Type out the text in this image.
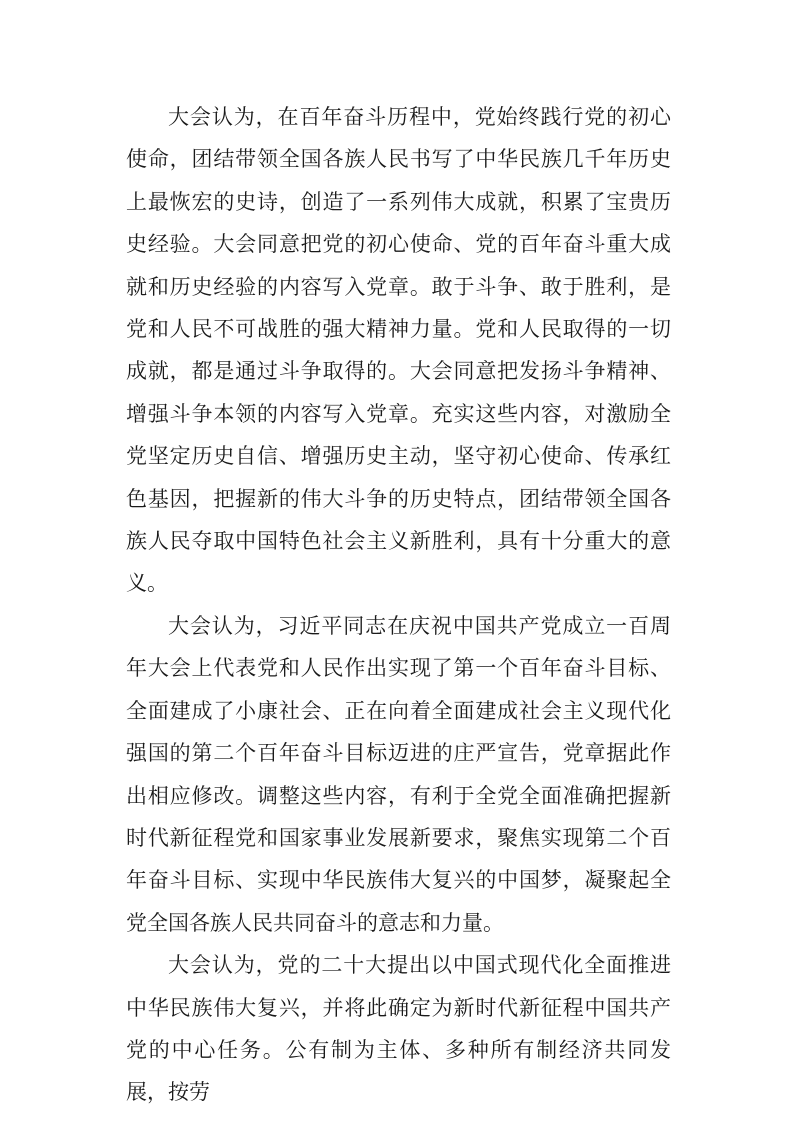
大会认为，在百年奋斗历程中，党始终践行党的初心使命，团结带领全国各族人民书写了中华民族几千年历史上最恢宏的史诗，创造了一系列伟大成就，积累了宝贵历史经验。大会同意把党的初心使命、党的百年奋斗重大成就和历史经验的内容写入党章。敢于斗争、敢于胜利，是党和人民不可战胜的强大精神力量。党和人民取得的一切成就，都是通过斗争取得的。大会同意把发扬斗争精神、增强斗争本领的内容写入党章。充实这些内容，对激励全党坚定历史自信、增强历史主动，坚守初心使命、传承红色基因，把握新的伟大斗争的历史特点，团结带领全国各族人民夺取中国特色社会主义新胜利，具有十分重大的意义。

大会认为，习近平同志在庆祝中国共产党成立一百周年大会上代表党和人民作出实现了第一个百年奋斗目标、全面建成了小康社会、正在向着全面建成社会主义现代化强国的第二个百年奋斗目标迈进的庄严宣告，党章据此作出相应修改。调整这些内容，有利于全党全面准确把握新时代新征程党和国家事业发展新要求，聚焦实现第二个百年奋斗目标、实现中华民族伟大复兴的中国梦，凝聚起全党全国各族人民共同奋斗的意志和力量。

大会认为，党的二十大提出以中国式现代化全面推进中华民族伟大复兴，并将此确定为新时代新征程中国共产党的中心任务。公有制为主体、多种所有制经济共同发展，按劳
